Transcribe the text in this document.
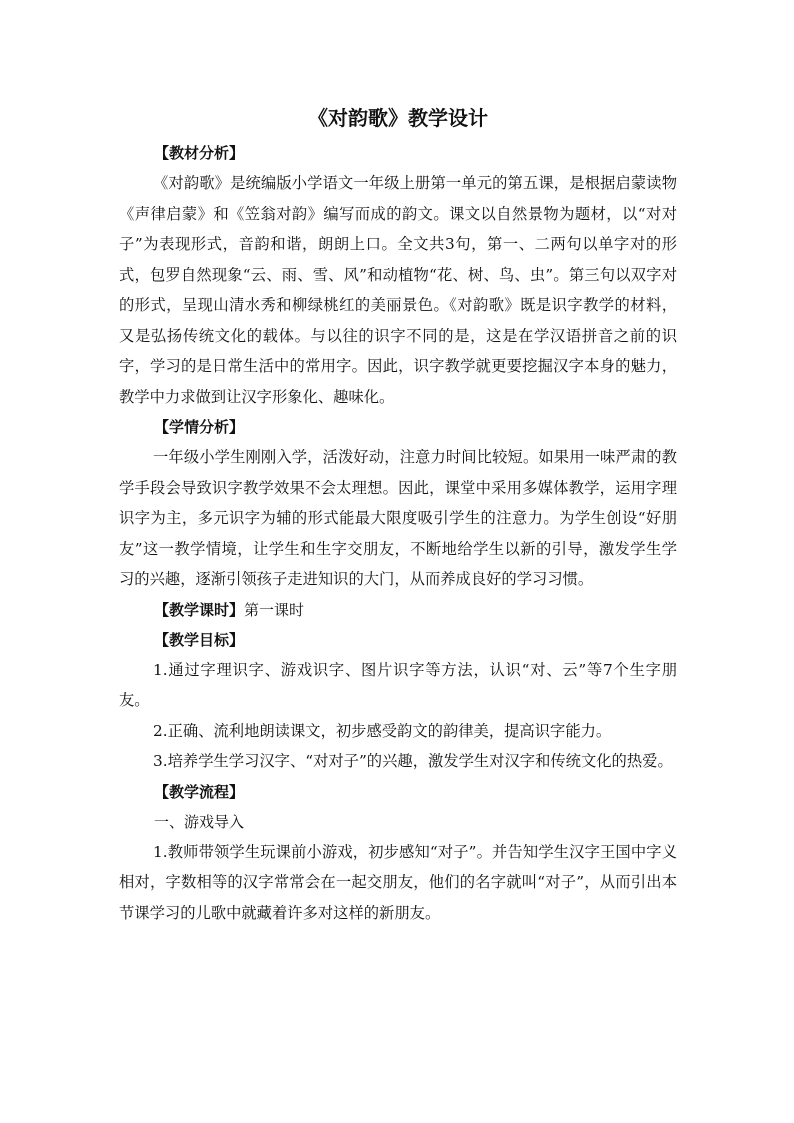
《对韵歌》教学设计

【教材分析】

《对韵歌》是统编版小学语文一年级上册第一单元的第五课，是根据启蒙读物《声律启蒙》和《笠翁对韵》编写而成的韵文。课文以自然景物为题材，以“对对子”为表现形式，音韵和谐，朗朗上口。全文共3句，第一、二两句以单字对的形式，包罗自然现象“云、雨、雪、风”和动植物“花、树、鸟、虫”。第三句以双字对的形式，呈现山清水秀和柳绿桃红的美丽景色。《对韵歌》既是识字教学的材料，又是弘扬传统文化的载体。与以往的识字不同的是，这是在学汉语拼音之前的识字，学习的是日常生活中的常用字。因此，识字教学就更要挖掘汉字本身的魅力，教学中力求做到让汉字形象化、趣味化。

【学情分析】

一年级小学生刚刚入学，活泼好动，注意力时间比较短。如果用一味严肃的教学手段会导致识字教学效果不会太理想。因此，课堂中采用多媒体教学，运用字理识字为主，多元识字为辅的形式能最大限度吸引学生的注意力。为学生创设“好朋友”这一教学情境，让学生和生字交朋友，不断地给学生以新的引导，激发学生学习的兴趣，逐渐引领孩子走进知识的大门，从而养成良好的学习习惯。

【教学课时】第一课时

【教学目标】

1.通过字理识字、游戏识字、图片识字等方法，认识“对、云”等7个生字朋友。

2.正确、流利地朗读课文，初步感受韵文的韵律美，提高识字能力。

3.培养学生学习汉字、“对对子”的兴趣，激发学生对汉字和传统文化的热爱。

【教学流程】

一、游戏导入

1.教师带领学生玩课前小游戏，初步感知“对子”。并告知学生汉字王国中字义相对，字数相等的汉字常常会在一起交朋友，他们的名字就叫“对子”，从而引出本节课学习的儿歌中就藏着许多对这样的新朋友。
